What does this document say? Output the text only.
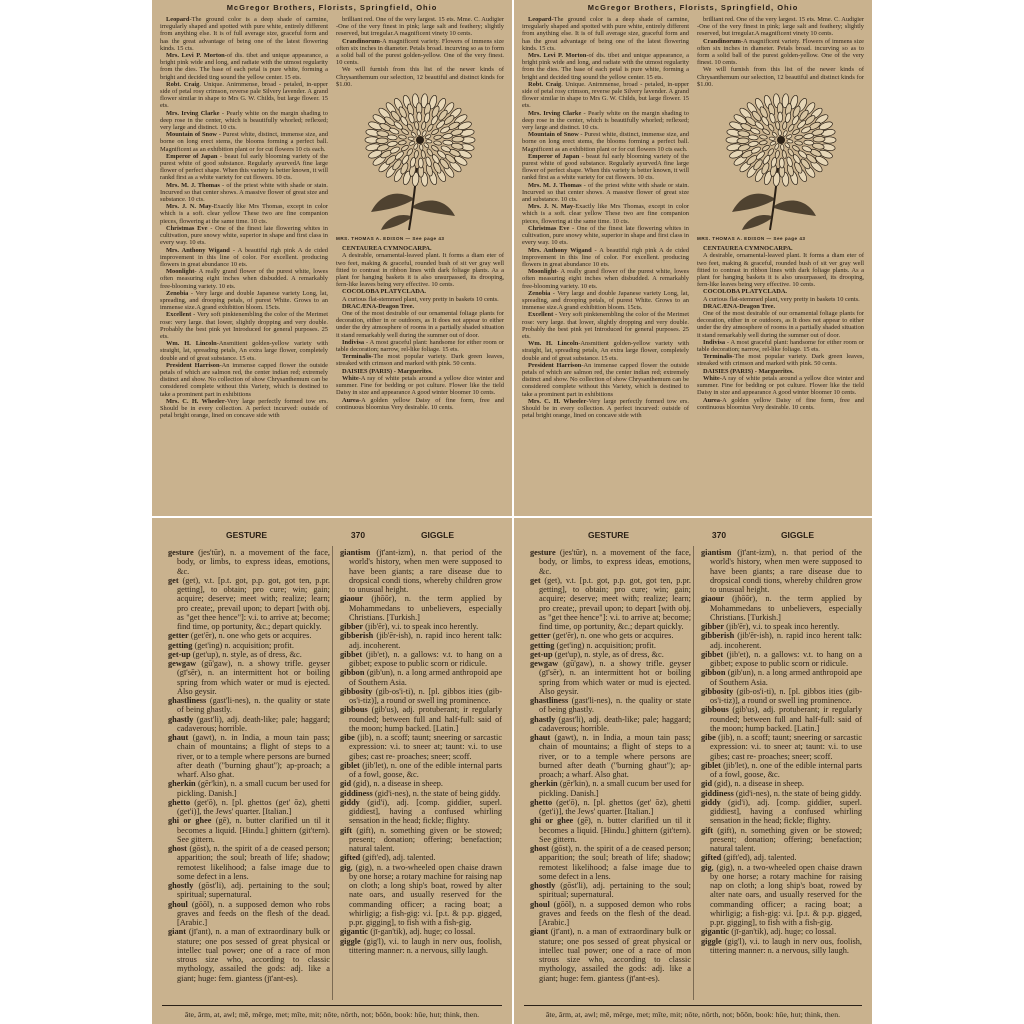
McGregor Brothers, Florists, Springfield, Ohio

Leopard-The ground color is a deep shade of carmine, irregularly shaped and spotted with pure white, entirely different from anything else. It is of full average size, graceful form and has the great advantage of being one of the latest flowering kinds. 15 cts.

Mrs. Levi P. Morton-of dis. tibet and unique appearance, a bright pink wide and long, and radiate with the utmost regularity from the dies. The base of each petal is pure white, forming a bright and decided ting sound the yellow center. 15 ets.

Robt. Craig. Unique. Anirnmense, broad - petaled, in-upper side of petal rosy crimson, reverse pale Silvery lavender. A grand flower similar in shape to Mrs G. W. Childs, but large flower. 15 ets.

Mrs. Irving Clarke - Pearly white on the margin shading to deep rose in the center, which is beautifully whorled; reflexed; very large and distinct. 10 cts.

Mountain of Snow - Purest white, distinct, immense size, and borne on long erect stems, the blooms forming a perfect ball. Magnificent as an exhibition plant or for cut flowers 10 cts each.

Emperor of Japan - beaut ful early blooming variety of the purest white of good substance. Regularly ayurvedA fine large flower of perfect shape. When this variety is better known, it will rankd first as a white variety for cut flowers. 10 cts.

Mrs. M. J. Thomas - of the priest white with shade or stain. Incurved so that center shows. A massive flower of great size and substance. 10 cts.

Mrs. J. N. May-Exactly like Mrs Thomas, except in color which is a soft. clear yellow These two are fine companion pieces, flowering at the same time. 10 cts.

Christmas Eve - One of the finest late flowering whites in cultivation, pure snowy white, superior in shape and first class in every way. 10 ets.

Mrs. Anthony Wigand - A beautiful righ pink A de cided improvement in this line of color. For excellent. producing flowers in great abundance 10 ets.

Moonlight- A really grand flower of the purest white, lowes often measuring eight inches when disbudded. A remarkably free-blooming variety. 10 ets.

Zenobia - Very large and double Japanese variety Long, lat, spreading, and drooping petals, of purest White. Grows to an immense size.A grand exhibition bloom. 15cts.

Excellent - Very soft pinktenembling the color of the Merimet rose: very large. that lower, slightly dropping and very double. Probably the best pink yet Introduced for general purposes. 25 ets.

Wm. H. Lincoln-Ansmitient golden-yellow variety with straight, lat, spreading petals, An extra large flower, completely double and of great substance. 15 ets.

President Harrison-An immense capped flower the outside petals of which are salmon red, the center indian red; extremely distinct and show. No collection of show Chrysanthemum can be considered complete without this Variety, which is destined to take a prominent part in exhibitions

Mrs. C. H. Wheeler-Very large perfectly formed tow ers. Should be in every collection. A perfect incurved: outside of petal bright orange, lined on concave side with

brilliant red. One of the very largest. 15 ets. Mme. C. Audigier -One of the very finest in pink; large salt and feathery; slightly reserved, but irregular.A magnificent vinety 10 cents.

Crandinorum-A magnificent variety. Flowers of immens size often six inches in diameter. Petals broad. incurving so as to form a solid ball of the purest golden-yellow. One of the very finest. 10 cents.

We will furnish from this list of the newer kinds of Chrysanthemum our selection, 12 beautiful and distinct kinds for $1.00.

MRS. THOMAS A. EDISON — See page 43

CENTAUREA CYMNOCARPA.

A desirable, ornamental-leaved plant. It forms a diam eter of two feet, making & graceful, rounded bush of sit ver gray well fitted to contrast in ribbon lines with dark foliage plants. As a plant for hanging baskets it is also unsurpassed, its drooping, fern-like leaves being very effective. 10 cents.

COCOLOBA PLATYCLADA.

A curious flat-stemmed plant, very pretty in baskets 10 cents.

DRACÆNA-Dragon Tree.

One of the most desirable of our ornamental foliage plants for decoration, either in or outdoors, as It does not appear to either under the dry atmosphere of rooms in a partially shaded situation it stand remarkably well during the summer out of door.

Indivisa - A most graceful plant: handsome for either room or table decoration; narrow, rel-like foliage. 15 ets.

Terminalis-The most popular variety. Dark green leaves, streaked with crimson and marked with pink. 50 cents.

DAISIES (PARIS) - Marguerites.

White-A ray of white petals around a yellow dice winter and summer. Fine for bedding or pot culture. Flower like the tield Daisy in size and appearance A good winter bloomer 10 cents.

Aurea-A golden yellow Daisy of fine form, free and continuous bloomius Very desirable. 10 cents.

McGregor Brothers, Florists, Springfield, Ohio

Leopard-The ground color is a deep shade of carmine, irregularly shaped and spotted with pure white, entirely different from anything else. It is of full average size, graceful form and has the great advantage of being one of the latest flowering kinds. 15 cts.

Mrs. Levi P. Morton-of dis. tibet and unique appearance, a bright pink wide and long, and radiate with the utmost regularity from the dies. The base of each petal is pure white, forming a bright and decided ting sound the yellow center. 15 ets.

Robt. Craig. Unique. Anirnmense, broad - petaled, in-upper side of petal rosy crimson, reverse pale Silvery lavender. A grand flower similar in shape to Mrs G. W. Childs, but large flower. 15 ets.

Mrs. Irving Clarke - Pearly white on the margin shading to deep rose in the center, which is beautifully whorled; reflexed; very large and distinct. 10 cts.

Mountain of Snow - Purest white, distinct, immense size, and borne on long erect stems, the blooms forming a perfect ball. Magnificent as an exhibition plant or for cut flowers 10 cts each.

Emperor of Japan - beaut ful early blooming variety of the purest white of good substance. Regularly ayurvedA fine large flower of perfect shape. When this variety is better known, it will rankd first as a white variety for cut flowers. 10 cts.

Mrs. M. J. Thomas - of the priest white with shade or stain. Incurved so that center shows. A massive flower of great size and substance. 10 cts.

Mrs. J. N. May-Exactly like Mrs Thomas, except in color which is a soft. clear yellow These two are fine companion pieces, flowering at the same time. 10 cts.

Christmas Eve - One of the finest late flowering whites in cultivation, pure snowy white, superior in shape and first class in every way. 10 ets.

Mrs. Anthony Wigand - A beautiful righ pink A de cided improvement in this line of color. For excellent. producing flowers in great abundance 10 ets.

Moonlight- A really grand flower of the purest white, lowes often measuring eight inches when disbudded. A remarkably free-blooming variety. 10 ets.

Zenobia - Very large and double Japanese variety Long, lat, spreading, and drooping petals, of purest White. Grows to an immense size.A grand exhibition bloom. 15cts.

Excellent - Very soft pinktenembling the color of the Merimet rose: very large. that lower, slightly dropping and very double. Probably the best pink yet Introduced for general purposes. 25 ets.

Wm. H. Lincoln-Ansmitient golden-yellow variety with straight, lat, spreading petals, An extra large flower, completely double and of great substance. 15 ets.

President Harrison-An immense capped flower the outside petals of which are salmon red, the center indian red; extremely distinct and show. No collection of show Chrysanthemum can be considered complete without this Variety, which is destined to take a prominent part in exhibitions

Mrs. C. H. Wheeler-Very large perfectly formed tow ers. Should be in every collection. A perfect incurved: outside of petal bright orange, lined on concave side with

brilliant red. One of the very largest. 15 ets. Mme. C. Audigier -One of the very finest in pink; large salt and feathery; slightly reserved, but irregular.A magnificent vinety 10 cents.

Crandinorum-A magnificent variety. Flowers of immens size often six inches in diameter. Petals broad. incurving so as to form a solid ball of the purest golden-yellow. One of the very finest. 10 cents.

We will furnish from this list of the newer kinds of Chrysanthemum our selection, 12 beautiful and distinct kinds for $1.00.

MRS. THOMAS A. EDISON — See page 43

CENTAUREA CYMNOCARPA.

A desirable, ornamental-leaved plant. It forms a diam eter of two feet, making & graceful, rounded bush of sit ver gray well fitted to contrast in ribbon lines with dark foliage plants. As a plant for hanging baskets it is also unsurpassed, its drooping, fern-like leaves being very effective. 10 cents.

COCOLOBA PLATYCLADA.

A curious flat-stemmed plant, very pretty in baskets 10 cents.

DRACÆNA-Dragon Tree.

One of the most desirable of our ornamental foliage plants for decoration, either in or outdoors, as It does not appear to either under the dry atmosphere of rooms in a partially shaded situation it stand remarkably well during the summer out of door.

Indivisa - A most graceful plant: handsome for either room or table decoration; narrow, rel-like foliage. 15 ets.

Terminalis-The most popular variety. Dark green leaves, streaked with crimson and marked with pink. 50 cents.

DAISIES (PARIS) - Marguerites.

White-A ray of white petals around a yellow dice winter and summer. Fine for bedding or pot culture. Flower like the tield Daisy in size and appearance A good winter bloomer 10 cents.

Aurea-A golden yellow Daisy of fine form, free and continuous bloomius Very desirable. 10 cents.

GESTURE	370	GIGGLE

gesture (jes'tūr), n. a movement of the face, body, or limbs, to express ideas, emotions, &c.

get (get), v.t. [p.t. got, p.p. got, got ten, p.pr. getting], to obtain; pro cure; win; gain; acquire; deserve; meet with; realize; learn; pro create;, prevail upon; to depart [with obj. as "get thee hence"]: v.i. to arrive at; become; find time, op portunity, &c.; depart quickly.

getter (get'ēr), n. one who gets or acquires.

getting (get'ing) n. acquisition; profit.

get-up (get'up), n. style, as of dress, &c.

gewgaw (gū'gaw), n. a showy trifle. geyser (gī'sēr), n. an intermittent hot or boiling spring from which water or mud is ejected. Also geysir.

ghastliness (gast'li-nes), n. the quality or state of being ghastly.

ghastly (gast'li), adj. death-like; pale; haggard; cadaverous; horrible.

ghaut (gawt), n. in India, a moun tain pass; chain of mountains; a flight of steps to a river, or to a temple where persons are burned after death ("burning ghaut"); ap-proach; a wharf. Also ghat.

gherkin (gēr'kin), n. a small cucum ber used for pickling. Danish.]

ghetto (get'ō), n. [pl. ghettos (get' ōz), ghetti (get'i)], the Jews' quarter. [Italian.]

ghi or ghee (gē), n. butter clarified un til it becomes a liquid. [Hindu.] ghittern (git'tern). See gittern.

ghost (gōst), n. the spirit of a de ceased person; apparition; the soul; breath of life; shadow; remotest likelihood; a false image due to some defect in a lens.

ghostly (gōst'li), adj. pertaining to the soul; spiritual; supernatural.

ghoul (gōōl), n. a supposed demon who robs graves and feeds on the flesh of the dead. [Arabic.]

giant (jī'ant), n. a man of extraordinary bulk or stature; one pos sessed of great physical or intellec tual power; one of a race of mon strous size who, according to classic mythology, assailed the gods: adj. like a giant; huge: fem. giantess (jī'ant-es).

giantism (jī'ant-izm), n. that period of the world's history, when men were supposed to have been giants; a rare disease due to dropsical condi tions, whereby children grow to unusual height.

giaour (jhōōr), n. the term applied by Mohammedans to unbelievers, especially Christians. [Turkish.]

gibber (jib'ēr), v.i. to speak inco herently.

gibberish (jib'ēr-ish), n. rapid inco herent talk: adj. incoherent.

gibbet (jib'et), n. a gallows: v.t. to hang on a gibbet; expose to public scorn or ridicule.

gibbon (gib'un), n. a long armed anthropoid ape of Southern Asia.

gibbosity (gib-os'i-ti), n. [pl. gibbos ities (gib-os'i-tiz)], a round or swell ing prominence.

gibbous (gib'us), adj. protuberant; ir regularly rounded; between full and half-full: said of the moon; hump backed. [Latin.]

gibe (jib), n. a scoff; taunt; sneering or sarcastic expression: v.i. to sneer at; taunt: v.i. to use gibes; cast re- proaches; sneer; scoff.

giblet (jib'let), n. one of the edible internal parts of a fowl, goose, &c.

gid (gid), n. a disease in sheep.

giddiness (gid'i-nes), n. the state of being giddy.

giddy (gid'i), adj. [comp. giddier, superl. giddiest], having a confused whirling sensation in the head; fickle; flighty.

gift (gift), n. something given or be stowed; present; donation; offering; benefaction; natural talent.

gifted (gift'ed), adj. talented.

gig, (gig), n. a two-wheeled open chaise drawn by one horse; a rotary machine for raising nap on cloth; a long ship's boat, rowed by alter nate oars, and usually reserved for the commanding officer; a racing boat; a whirligig; a fish-gig: v.i. [p.t. & p.p. gigged, p.pr. gigging], to fish with a fish-gig.

gigantic (jī-gan'tik), adj. huge; co lossal.

giggle (gig'l), v.i. to laugh in nerv ous, foolish, tittering manner: n. a nervous, silly laugh.

āte, ârm, at, awl; mē, mêrge, met; mīte, mit; nōte, nôrth, not; bōōn, book: hūe, hut; think, then.
GESTURE	370	GIGGLE

gesture (jes'tūr), n. a movement of the face, body, or limbs, to express ideas, emotions, &c.

get (get), v.t. [p.t. got, p.p. got, got ten, p.pr. getting], to obtain; pro cure; win; gain; acquire; deserve; meet with; realize; learn; pro create;, prevail upon; to depart [with obj. as "get thee hence"]: v.i. to arrive at; become; find time, op portunity, &c.; depart quickly.

getter (get'ēr), n. one who gets or acquires.

getting (get'ing) n. acquisition; profit.

get-up (get'up), n. style, as of dress, &c.

gewgaw (gū'gaw), n. a showy trifle. geyser (gī'sēr), n. an intermittent hot or boiling spring from which water or mud is ejected. Also geysir.

ghastliness (gast'li-nes), n. the quality or state of being ghastly.

ghastly (gast'li), adj. death-like; pale; haggard; cadaverous; horrible.

ghaut (gawt), n. in India, a moun tain pass; chain of mountains; a flight of steps to a river, or to a temple where persons are burned after death ("burning ghaut"); ap-proach; a wharf. Also ghat.

gherkin (gēr'kin), n. a small cucum ber used for pickling. Danish.]

ghetto (get'ō), n. [pl. ghettos (get' ōz), ghetti (get'i)], the Jews' quarter. [Italian.]

ghi or ghee (gē), n. butter clarified un til it becomes a liquid. [Hindu.] ghittern (git'tern). See gittern.

ghost (gōst), n. the spirit of a de ceased person; apparition; the soul; breath of life; shadow; remotest likelihood; a false image due to some defect in a lens.

ghostly (gōst'li), adj. pertaining to the soul; spiritual; supernatural.

ghoul (gōōl), n. a supposed demon who robs graves and feeds on the flesh of the dead. [Arabic.]

giant (jī'ant), n. a man of extraordinary bulk or stature; one pos sessed of great physical or intellec tual power; one of a race of mon strous size who, according to classic mythology, assailed the gods: adj. like a giant; huge: fem. giantess (jī'ant-es).

giantism (jī'ant-izm), n. that period of the world's history, when men were supposed to have been giants; a rare disease due to dropsical condi tions, whereby children grow to unusual height.

giaour (jhōōr), n. the term applied by Mohammedans to unbelievers, especially Christians. [Turkish.]

gibber (jib'ēr), v.i. to speak inco herently.

gibberish (jib'ēr-ish), n. rapid inco herent talk: adj. incoherent.

gibbet (jib'et), n. a gallows: v.t. to hang on a gibbet; expose to public scorn or ridicule.

gibbon (gib'un), n. a long armed anthropoid ape of Southern Asia.

gibbosity (gib-os'i-ti), n. [pl. gibbos ities (gib-os'i-tiz)], a round or swell ing prominence.

gibbous (gib'us), adj. protuberant; ir regularly rounded; between full and half-full: said of the moon; hump backed. [Latin.]

gibe (jib), n. a scoff; taunt; sneering or sarcastic expression: v.i. to sneer at; taunt: v.i. to use gibes; cast re- proaches; sneer; scoff.

giblet (jib'let), n. one of the edible internal parts of a fowl, goose, &c.

gid (gid), n. a disease in sheep.

giddiness (gid'i-nes), n. the state of being giddy.

giddy (gid'i), adj. [comp. giddier, superl. giddiest], having a confused whirling sensation in the head; fickle; flighty.

gift (gift), n. something given or be stowed; present; donation; offering; benefaction; natural talent.

gifted (gift'ed), adj. talented.

gig, (gig), n. a two-wheeled open chaise drawn by one horse; a rotary machine for raising nap on cloth; a long ship's boat, rowed by alter nate oars, and usually reserved for the commanding officer; a racing boat; a whirligig; a fish-gig: v.i. [p.t. & p.p. gigged, p.pr. gigging], to fish with a fish-gig.

gigantic (jī-gan'tik), adj. huge; co lossal.

giggle (gig'l), v.i. to laugh in nerv ous, foolish, tittering manner: n. a nervous, silly laugh.

āte, ârm, at, awl; mē, mêrge, met; mīte, mit; nōte, nôrth, not; bōōn, book: hūe, hut; think, then.
